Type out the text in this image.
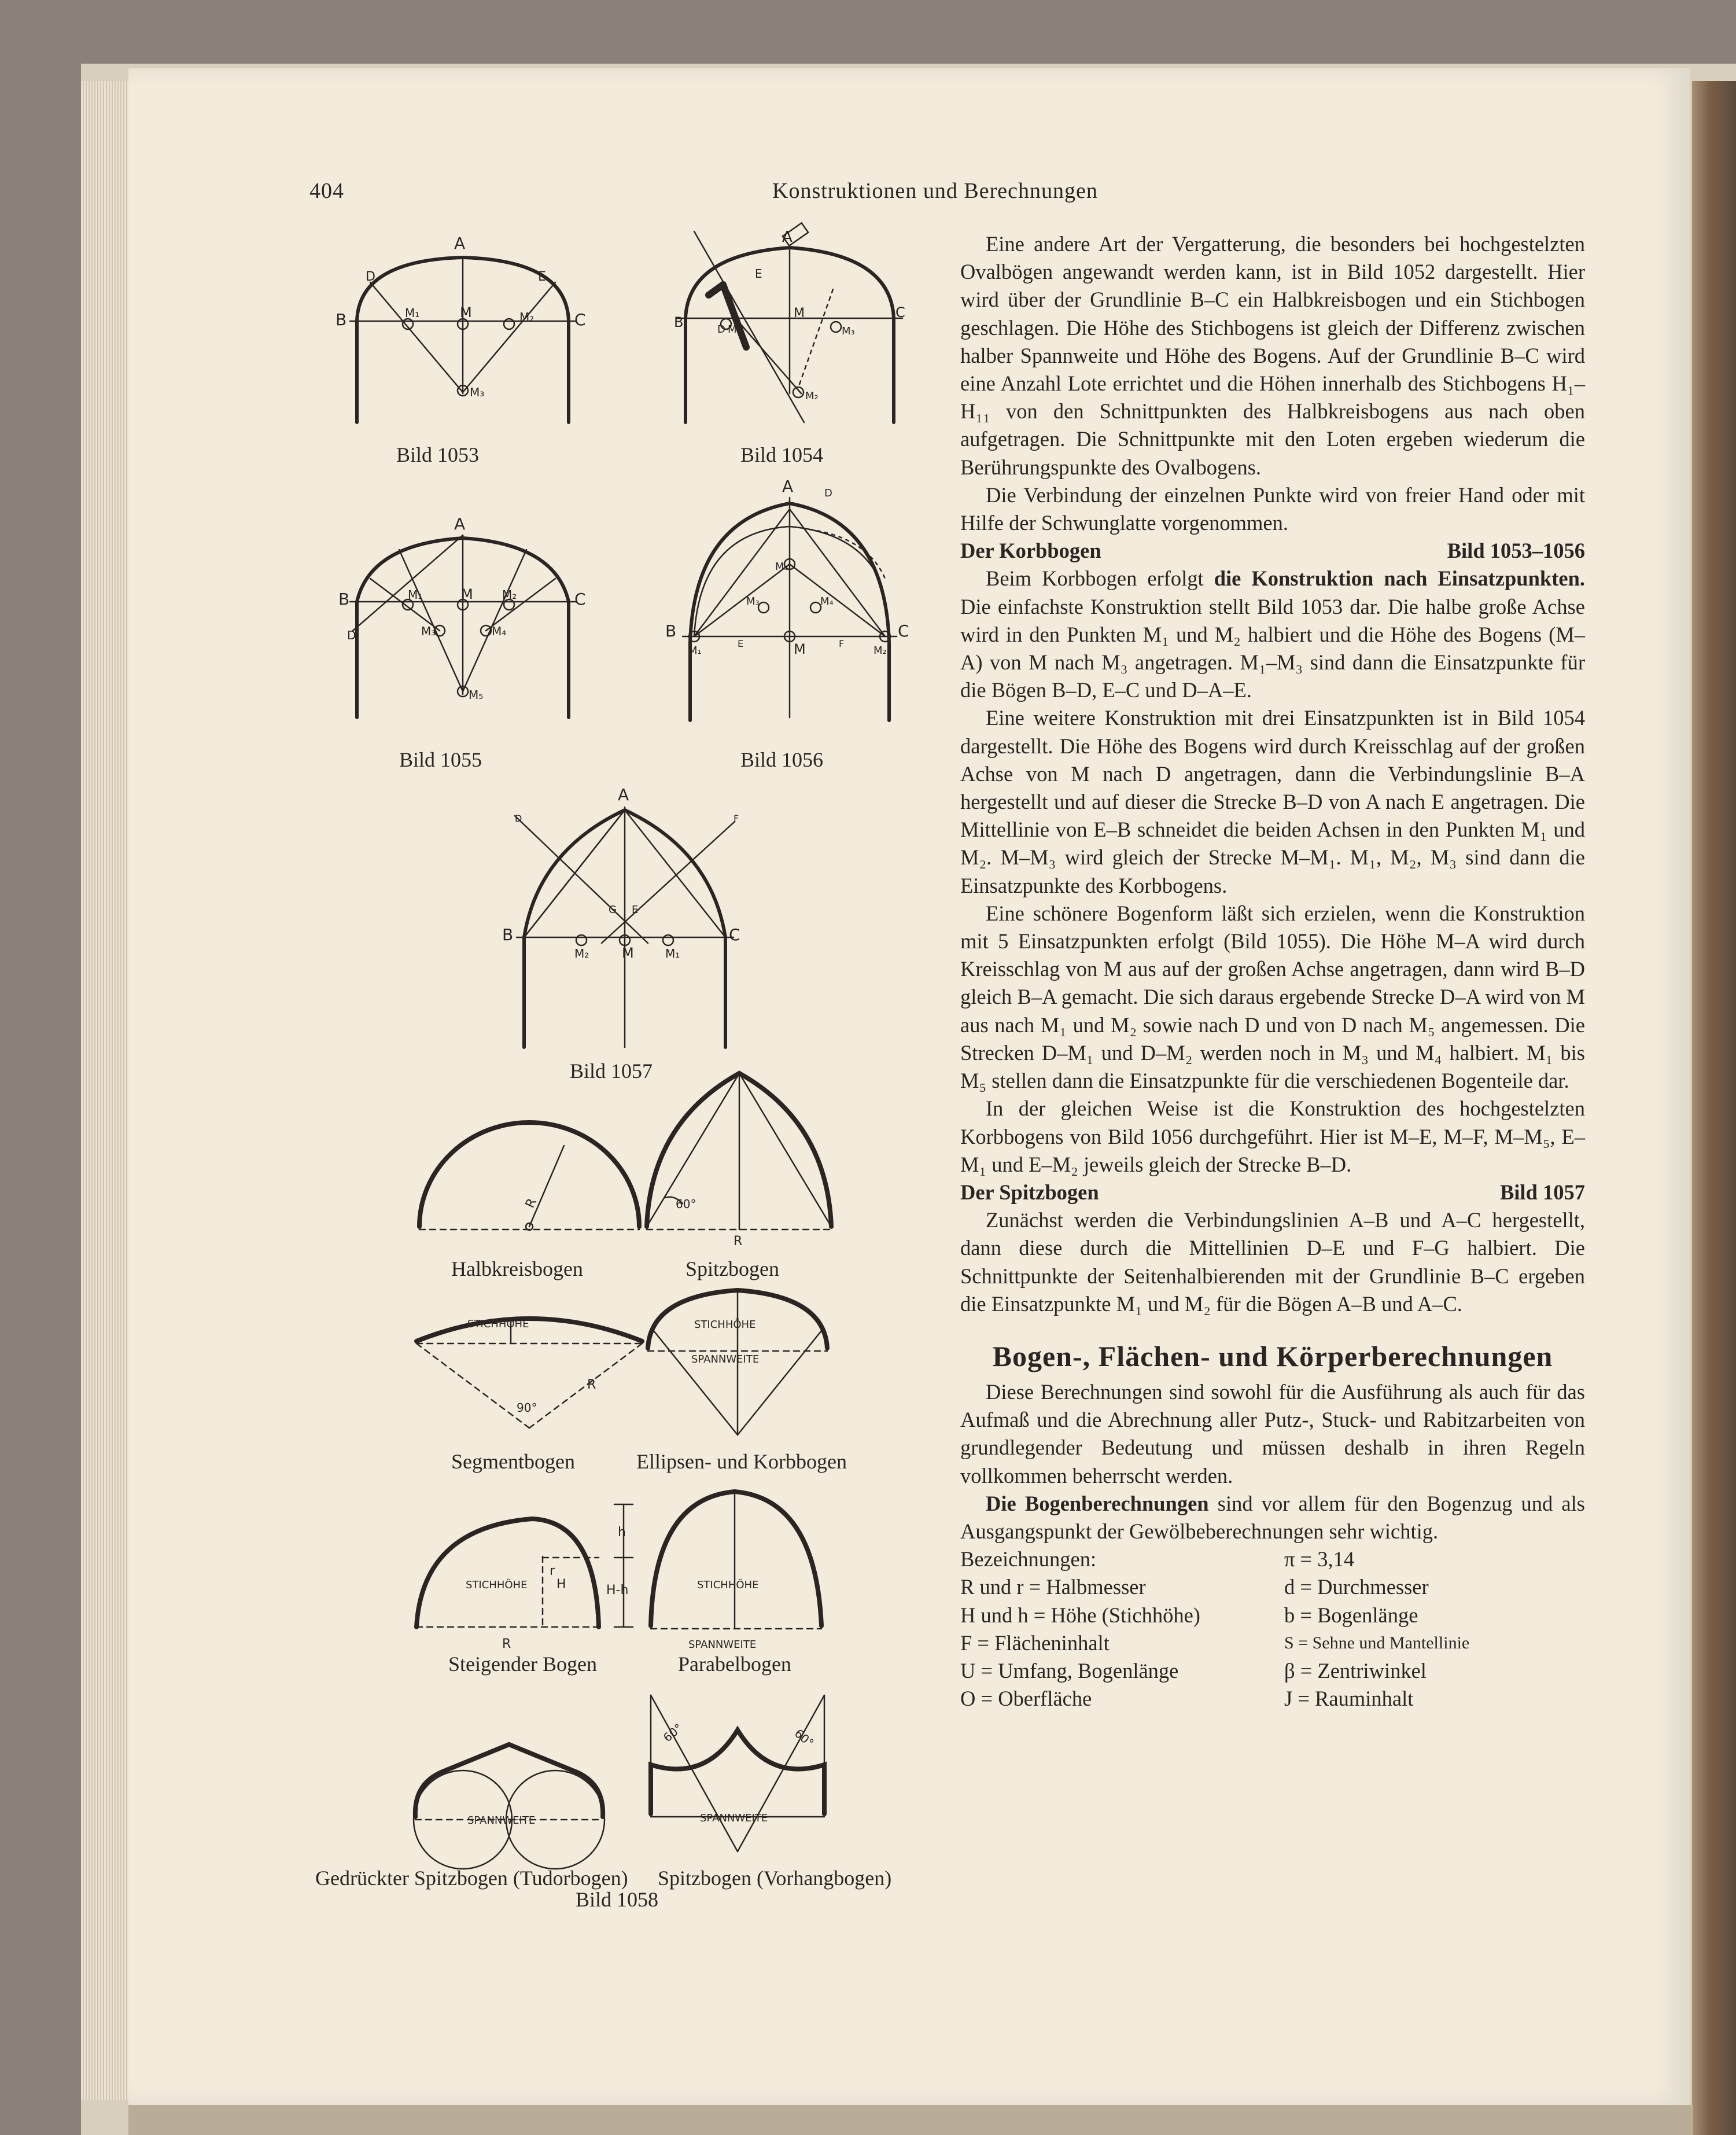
404	Konstruktionen und Berechnungen
A
D	E
B	C
M₁	M	M₂
M₃
A
E
B
C
D M₁
M
M₃
M₂
A
B	C
D
M₁	M	M₂
M₃	M₄
M₅
A	D
B	C
M₅
M₃	M₄
E	F
M
M₁	M₂
A
D	F
G E
B	C
M₂ M	M₁
R	60°
R
STICHHÖHE
90°
R
STICHHÖHE
SPANNWEITE
r
STICHHÖHE H
h
H-h
R
STICHHÖHE
SPANNWEITE
SPANNWEITE
60°	60°
SPANNWEITE
Bild 1053	Bild 1054
Bild 1055	Bild 1056
Bild 1057
Halbkreisbogen	Spitzbogen
Segmentbogen	Ellipsen- und Korbbogen
Steigender Bogen	Parabelbogen
Gedrückter Spitzbogen (Tudorbogen) Spitzbogen (Vorhangbogen)
Bild 1058

Eine andere Art der Vergatterung, die besonders bei hochgestelzten Ovalbögen angewandt werden kann, ist in Bild 1052 dargestellt. Hier wird über der Grundlinie B–C ein Halbkreisbogen und ein Stichbogen geschlagen. Die Höhe des Stichbogens ist gleich der Differenz zwischen halber Spannweite und Höhe des Bogens. Auf der Grundlinie B–C wird eine Anzahl Lote errichtet und die Höhen innerhalb des Stichbogens H₁–H₁₁ von den Schnittpunkten des Halbkreisbogens aus nach oben aufgetragen. Die Schnittpunkte mit den Loten ergeben wiederum die Berührungspunkte des Ovalbogens.

Die Verbindung der einzelnen Punkte wird von freier Hand oder mit Hilfe der Schwunglatte vorgenommen.

Der Korbbogen	Bild 1053–1056

Beim Korbbogen erfolgt die Konstruktion nach Einsatzpunkten. Die einfachste Konstruktion stellt Bild 1053 dar. Die halbe große Achse wird in den Punkten M₁ und M₂ halbiert und die Höhe des Bogens (M–A) von M nach M₃ angetragen. M₁–M₃ sind dann die Einsatzpunkte für die Bögen B–D, E–C und D–A–E.

Eine weitere Konstruktion mit drei Einsatzpunkten ist in Bild 1054 dargestellt. Die Höhe des Bogens wird durch Kreisschlag auf der großen Achse von M nach D angetragen, dann die Verbindungslinie B–A hergestellt und auf dieser die Strecke B–D von A nach E angetragen. Die Mittellinie von E–B schneidet die beiden Achsen in den Punkten M₁ und M₂. M–M₃ wird gleich der Strecke M–M₁. M₁, M₂, M₃ sind dann die Einsatzpunkte des Korbbogens.

Eine schönere Bogenform läßt sich erzielen, wenn die Konstruktion mit 5 Einsatzpunkten erfolgt (Bild 1055). Die Höhe M–A wird durch Kreisschlag von M aus auf der großen Achse angetragen, dann wird B–D gleich B–A gemacht. Die sich daraus ergebende Strecke D–A wird von M aus nach M₁ und M₂ sowie nach D und von D nach M₅ angemessen. Die Strecken D–M₁ und D–M₂ werden noch in M₃ und M₄ halbiert. M₁ bis M₅ stellen dann die Einsatzpunkte für die verschiedenen Bogenteile dar.

In der gleichen Weise ist die Konstruktion des hochgestelzten Korbbogens von Bild 1056 durchgeführt. Hier ist M–E, M–F, M–M₅, E–M₁ und E–M₂ jeweils gleich der Strecke B–D.

Der Spitzbogen	Bild 1057

Zunächst werden die Verbindungslinien A–B und A–C hergestellt, dann diese durch die Mittellinien D–E und F–G halbiert. Die Schnittpunkte der Seitenhalbierenden mit der Grundlinie B–C ergeben die Einsatzpunkte M₁ und M₂ für die Bögen A–B und A–C.

Bogen-, Flächen- und Körperberechnungen

Diese Berechnungen sind sowohl für die Ausführung als auch für das Aufmaß und die Abrechnung aller Putz-, Stuck- und Rabitzarbeiten von grundlegender Bedeutung und müssen deshalb in ihren Regeln vollkommen beherrscht werden.

Die Bogenberechnungen sind vor allem für den Bogenzug und als Ausgangspunkt der Gewölbeberechnungen sehr wichtig.

Bezeichnungen:	π = 3,14
R und r = Halbmesser	d = Durchmesser
H und h = Höhe (Stichhöhe)	b = Bogenlänge
F = Flächeninhalt	S = Sehne und Mantellinie
U = Umfang, Bogenlänge	β = Zentriwinkel
O = Oberfläche	J = Rauminhalt
